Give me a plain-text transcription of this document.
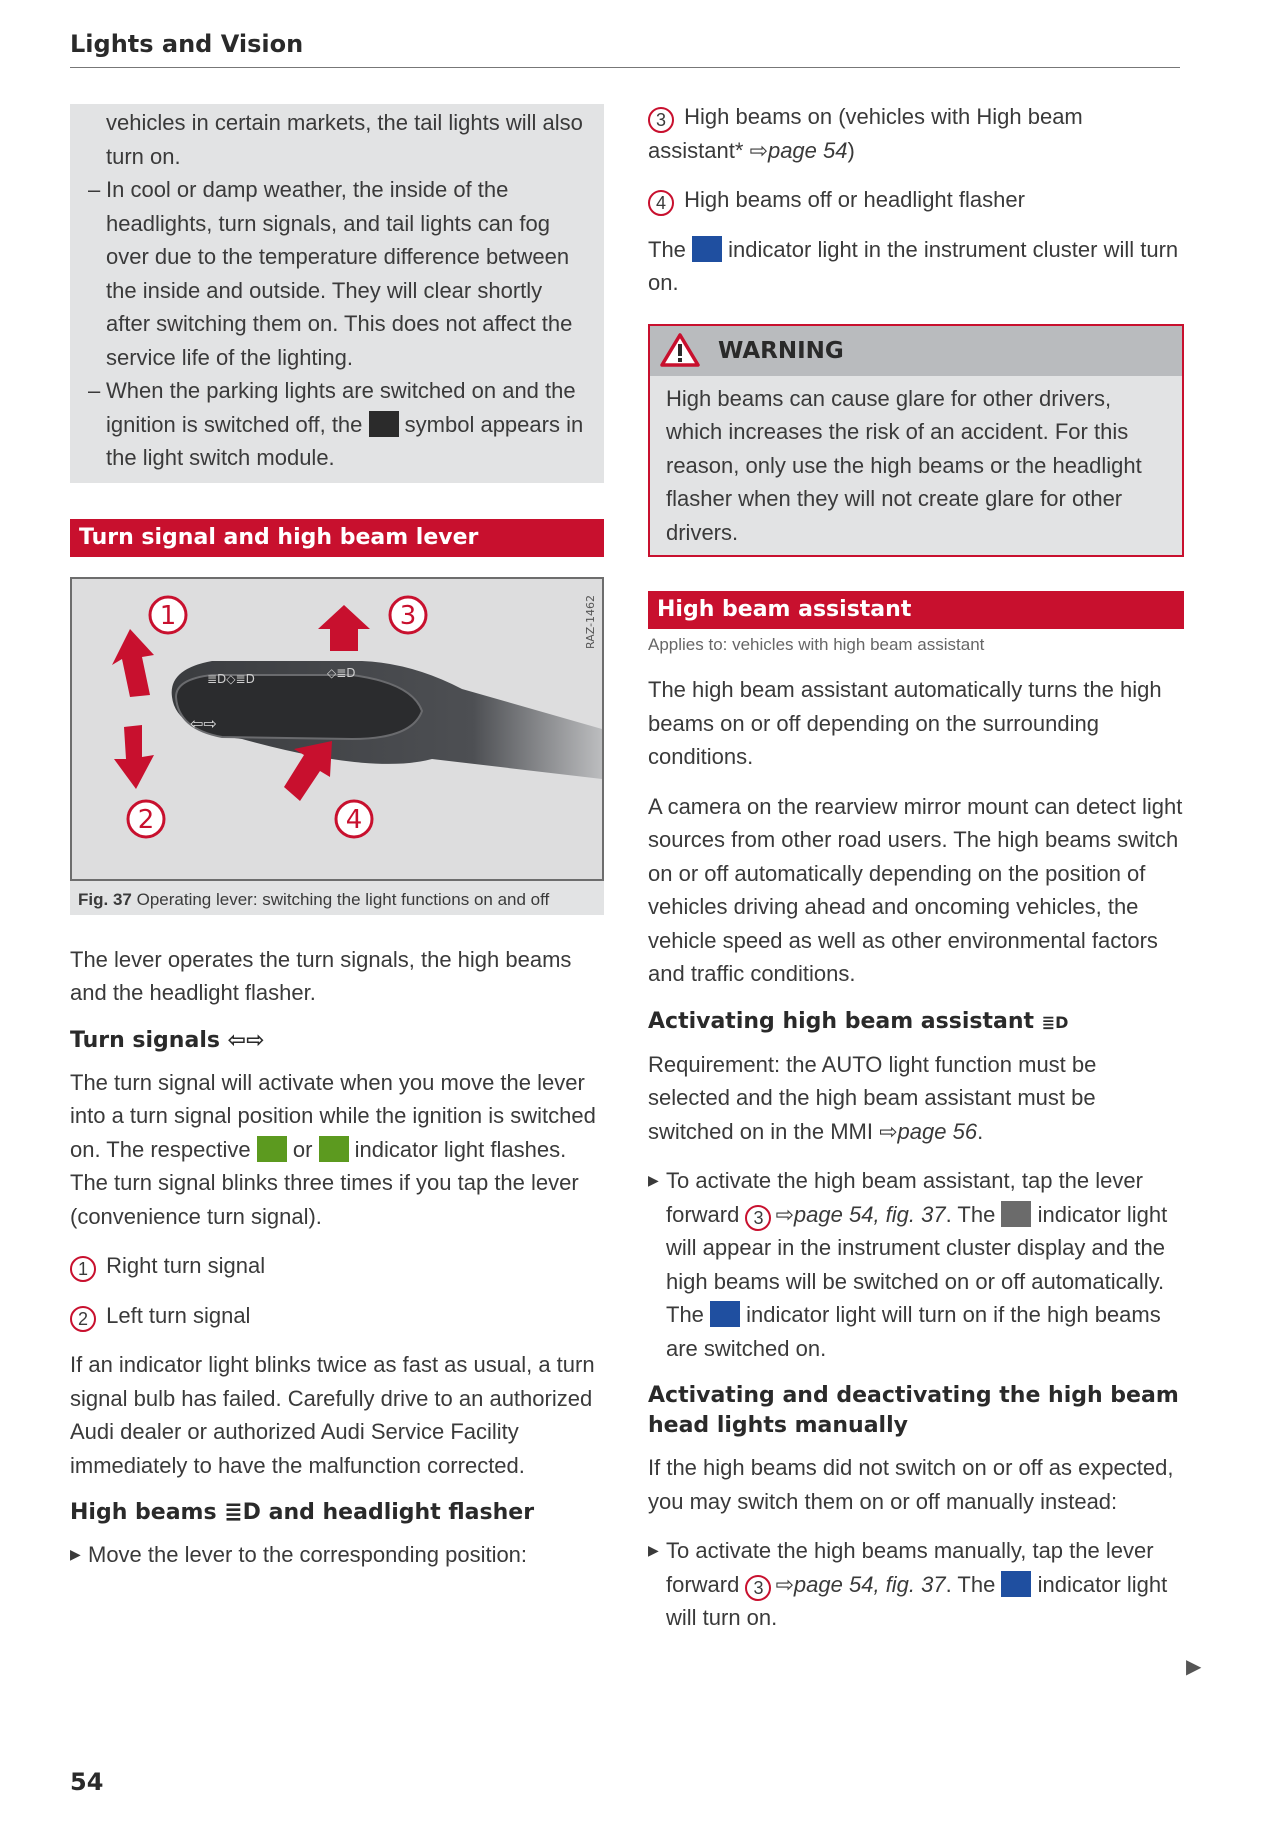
Lights and Vision

vehicles in certain markets, the tail lights will also turn on.

– In cool or damp weather, the inside of the headlights, turn signals, and tail lights can fog over due to the temperature difference between the inside and outside. They will clear shortly after switching them on. This does not affect the service life of the lighting.
– When the parking lights are switched on and the ignition is switched off, the symbol appears in the light switch module.
Turn signal and high beam lever
≣D◇≣D	◇≣D
⇦⇨
1
2
3
4
RAZ-1462
Fig. 37 Operating lever: switching the light functions on and off

The lever operates the turn signals, the high beams and the headlight flasher.

Turn signals ⇦⇨

The turn signal will activate when you move the lever into a turn signal position while the ignition is switched on. The respective or indicator light flashes. The turn signal blinks three times if you tap the lever (convenience turn signal).

1 Right turn signal

2 Left turn signal

If an indicator light blinks twice as fast as usual, a turn signal bulb has failed. Carefully drive to an authorized Audi dealer or authorized Audi Service Facility immediately to have the malfunction corrected.

High beams ≣D and headlight flasher

▶ Move the lever to the corresponding position:

3 High beams on (vehicles with High beam assistant* ⇨page 54)

4 High beams off or headlight flasher

The indicator light in the instrument cluster will turn on.

WARNING
High beams can cause glare for other drivers, which increases the risk of an accident. For this reason, only use the high beams or the headlight flasher when they will not create glare for other drivers.
High beam assistant
Applies to: vehicles with high beam assistant

The high beam assistant automatically turns the high beams on or off depending on the surrounding conditions.

A camera on the rearview mirror mount can detect light sources from other road users. The high beams switch on or off automatically depending on the position of vehicles driving ahead and oncoming vehicles, the vehicle speed as well as other environmental factors and traffic conditions.

Activating high beam assistant ≣D

Requirement: the AUTO light function must be selected and the high beam assistant must be switched on in the MMI ⇨page 56.

▶ To activate the high beam assistant, tap the lever forward 3 ⇨page 54, fig. 37. The indicator light will appear in the instrument cluster display and the high beams will be switched on or off automatically. The indicator light will turn on if the high beams are switched on.

Activating and deactivating the high beam head lights manually

If the high beams did not switch on or off as expected, you may switch them on or off manually instead:

▶ To activate the high beams manually, tap the lever forward 3 ⇨page 54, fig. 37. The indicator light will turn on.

▶
54
